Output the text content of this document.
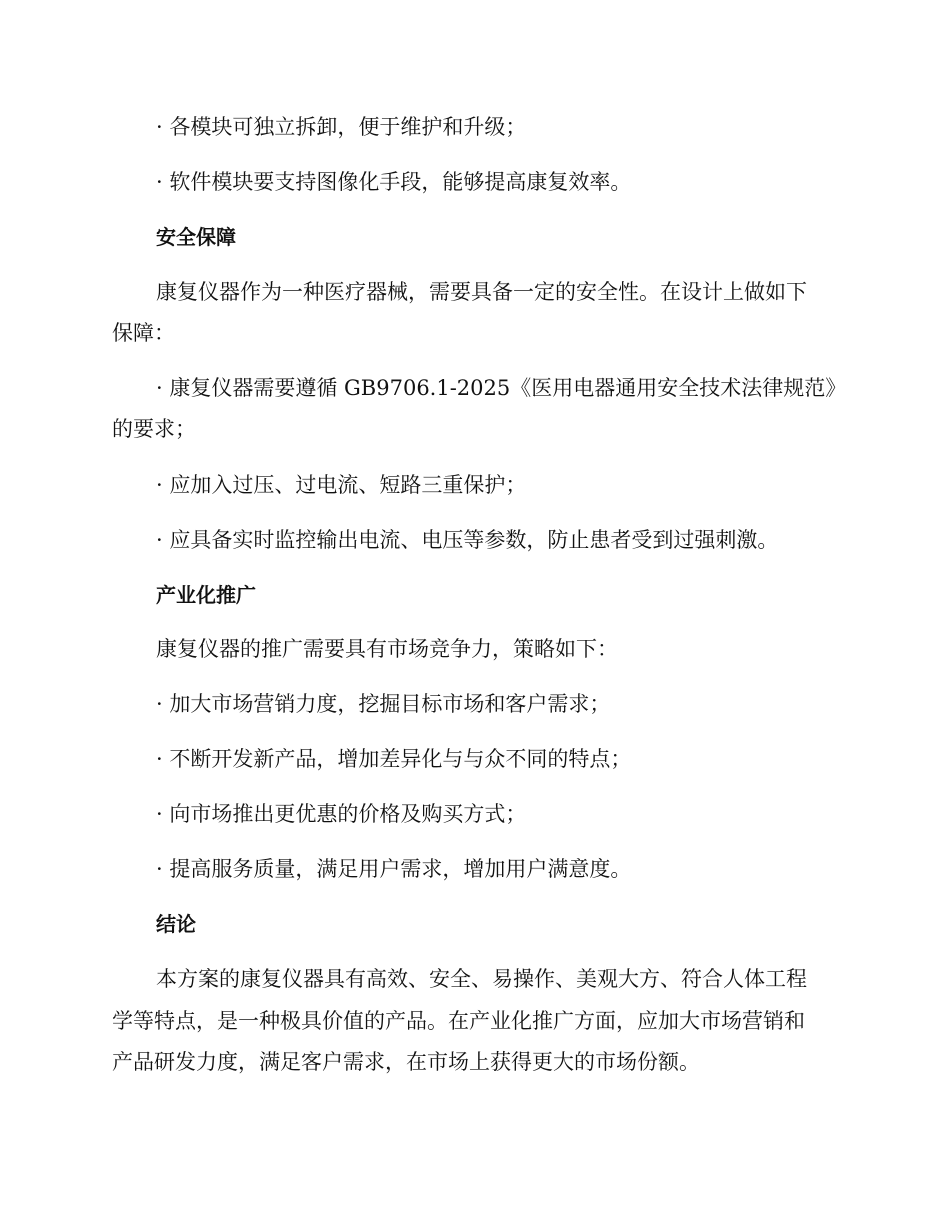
· 各模块可独立拆卸，便于维护和升级；
· 软件模块要支持图像化手段，能够提高康复效率。
安全保障
康复仪器作为一种医疗器械，需要具备一定的安全性。在设计上做如下
保障：
· 康复仪器需要遵循 GB9706.1-2025《医用电器通用安全技术法律规范》
的要求；
· 应加入过压、过电流、短路三重保护；
· 应具备实时监控输出电流、电压等参数，防止患者受到过强刺激。
产业化推广
康复仪器的推广需要具有市场竞争力，策略如下：
· 加大市场营销力度，挖掘目标市场和客户需求；
· 不断开发新产品，增加差异化与与众不同的特点；
· 向市场推出更优惠的价格及购买方式；
· 提高服务质量，满足用户需求，增加用户满意度。
结论
本方案的康复仪器具有高效、安全、易操作、美观大方、符合人体工程
学等特点，是一种极具价值的产品。在产业化推广方面，应加大市场营销和
产品研发力度，满足客户需求，在市场上获得更大的市场份额。
